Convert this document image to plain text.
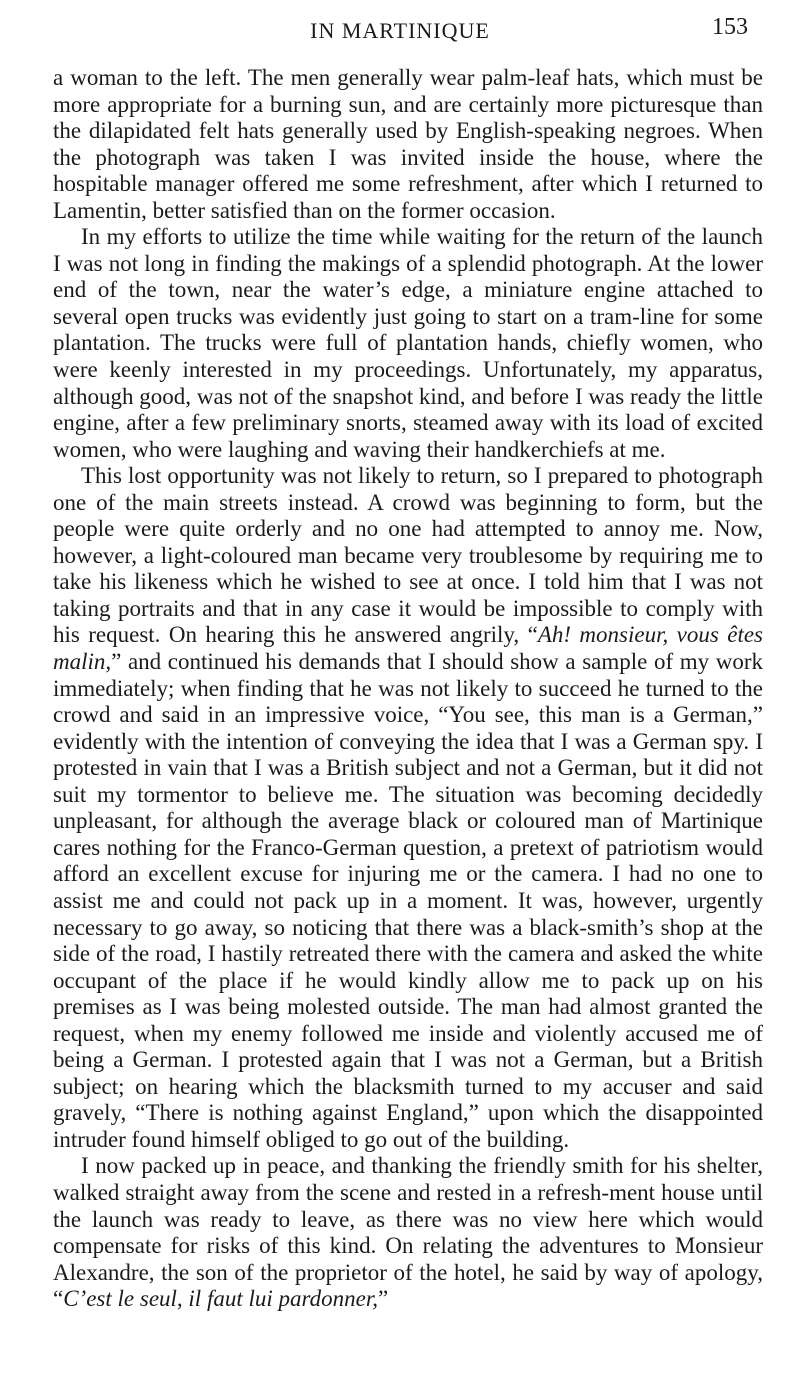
IN MARTINIQUE	153

a woman to the left. The men generally wear palm-leaf hats, which must be more appropriate for a burning sun, and are certainly more picturesque than the dilapidated felt hats generally used by English-speaking negroes. When the photograph was taken I was invited inside the house, where the hospitable manager offered me some refreshment, after which I returned to Lamentin, better satisfied than on the former occasion.

In my efforts to utilize the time while waiting for the return of the launch I was not long in finding the makings of a splendid photograph. At the lower end of the town, near the water’s edge, a miniature engine attached to several open trucks was evidently just going to start on a tram-line for some plantation. The trucks were full of plantation hands, chiefly women, who were keenly interested in my proceedings. Unfortunately, my apparatus, although good, was not of the snapshot kind, and before I was ready the little engine, after a few preliminary snorts, steamed away with its load of excited women, who were laughing and waving their handkerchiefs at me.

This lost opportunity was not likely to return, so I prepared to photograph one of the main streets instead. A crowd was beginning to form, but the people were quite orderly and no one had attempted to annoy me. Now, however, a light-coloured man became very troublesome by requiring me to take his likeness which he wished to see at once. I told him that I was not taking portraits and that in any case it would be impossible to comply with his request. On hearing this he answered angrily, “Ah! monsieur, vous êtes malin,” and continued his demands that I should show a sample of my work immediately; when finding that he was not likely to succeed he turned to the crowd and said in an impressive voice, “You see, this man is a German,” evidently with the intention of conveying the idea that I was a German spy. I protested in vain that I was a British subject and not a German, but it did not suit my tormentor to believe me. The situation was becoming decidedly unpleasant, for although the average black or coloured man of Martinique cares nothing for the Franco-German question, a pretext of patriotism would afford an excellent excuse for injuring me or the camera. I had no one to assist me and could not pack up in a moment. It was, however, urgently necessary to go away, so noticing that there was a black-smith’s shop at the side of the road, I hastily retreated there with the camera and asked the white occupant of the place if he would kindly allow me to pack up on his premises as I was being molested outside. The man had almost granted the request, when my enemy followed me inside and violently accused me of being a German. I protested again that I was not a German, but a British subject; on hearing which the blacksmith turned to my accuser and said gravely, “There is nothing against England,” upon which the disappointed intruder found himself obliged to go out of the building.

I now packed up in peace, and thanking the friendly smith for his shelter, walked straight away from the scene and rested in a refresh-ment house until the launch was ready to leave, as there was no view here which would compensate for risks of this kind. On relating the adventures to Monsieur Alexandre, the son of the proprietor of the hotel, he said by way of apology, “C’est le seul, il faut lui pardonner,”
